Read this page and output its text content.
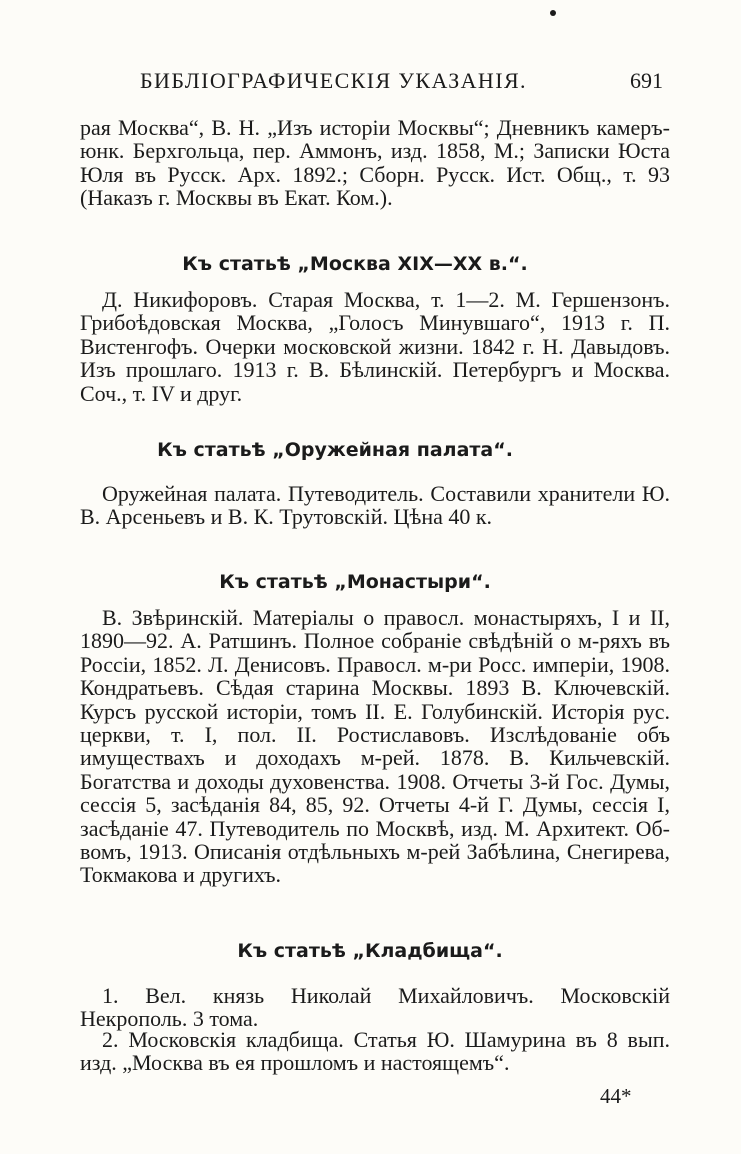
БИБЛІОГРАФИЧЕСКІЯ УКАЗАНІЯ.	691
рая Москва“, В. Н. „Изъ исторіи Москвы“; Дневникъ камеръ-юнк. Берхгольца, пер. Аммонъ, изд. 1858, М.; Записки Юста Юля въ Русск. Арх. 1892.; Сборн. Русск. Ист. Общ., т. 93 (Наказъ г. Москвы въ Екат. Ком.).
Къ статьѣ „Москва XIX—XX в.“.
Д. Никифоровъ. Старая Москва, т. 1—2. М. Гершензонъ. Грибоѣдовская Москва, „Голосъ Минувшаго“, 1913 г. П. Вистенгофъ. Очерки московской жизни. 1842 г. Н. Давыдовъ. Изъ прошлаго. 1913 г. В. Бѣлинскій. Петербургъ и Москва. Соч., т. IV и друг.
Къ статьѣ „Оружейная палата“.
Оружейная палата. Путеводитель. Составили хранители Ю. В. Арсеньевъ и В. К. Трутовскій. Цѣна 40 к.
Къ статьѣ „Монастыри“.
В. Звѣринскій. Матеріалы о правосл. монастыряхъ, I и II, 1890—92. А. Ратшинъ. Полное собраніе свѣдѣній о м-ряхъ въ Россіи, 1852. Л. Денисовъ. Правосл. м-ри Росс. имперіи, 1908. Кондратьевъ. Сѣдая старина Москвы. 1893 В. Ключевскій. Курсъ русской исторіи, томъ II. Е. Голубинскій. Исторія рус. церкви, т. I, пол. II. Ростиславовъ. Изслѣдованіе объ имуществахъ и доходахъ м-рей. 1878. В. Кильчевскій. Богатства и доходы духовенства. 1908. Отчеты 3-й Гос. Думы, сессія 5, засѣданія 84, 85, 92. Отчеты 4-й Г. Думы, сессія I, засѣданіе 47. Путеводитель по Москвѣ, изд. М. Архитект. Об-вомъ, 1913. Описанія отдѣльныхъ м-рей Забѣлина, Снегирева, Токмакова и другихъ.
Къ статьѣ „Кладбища“.
1. Вел. князь Николай Михайловичъ. Московскій Некрополь. 3 тома.
2. Московскія кладбища. Статья Ю. Шамурина въ 8 вып. изд. „Москва въ ея прошломъ и настоящемъ“.
44*
